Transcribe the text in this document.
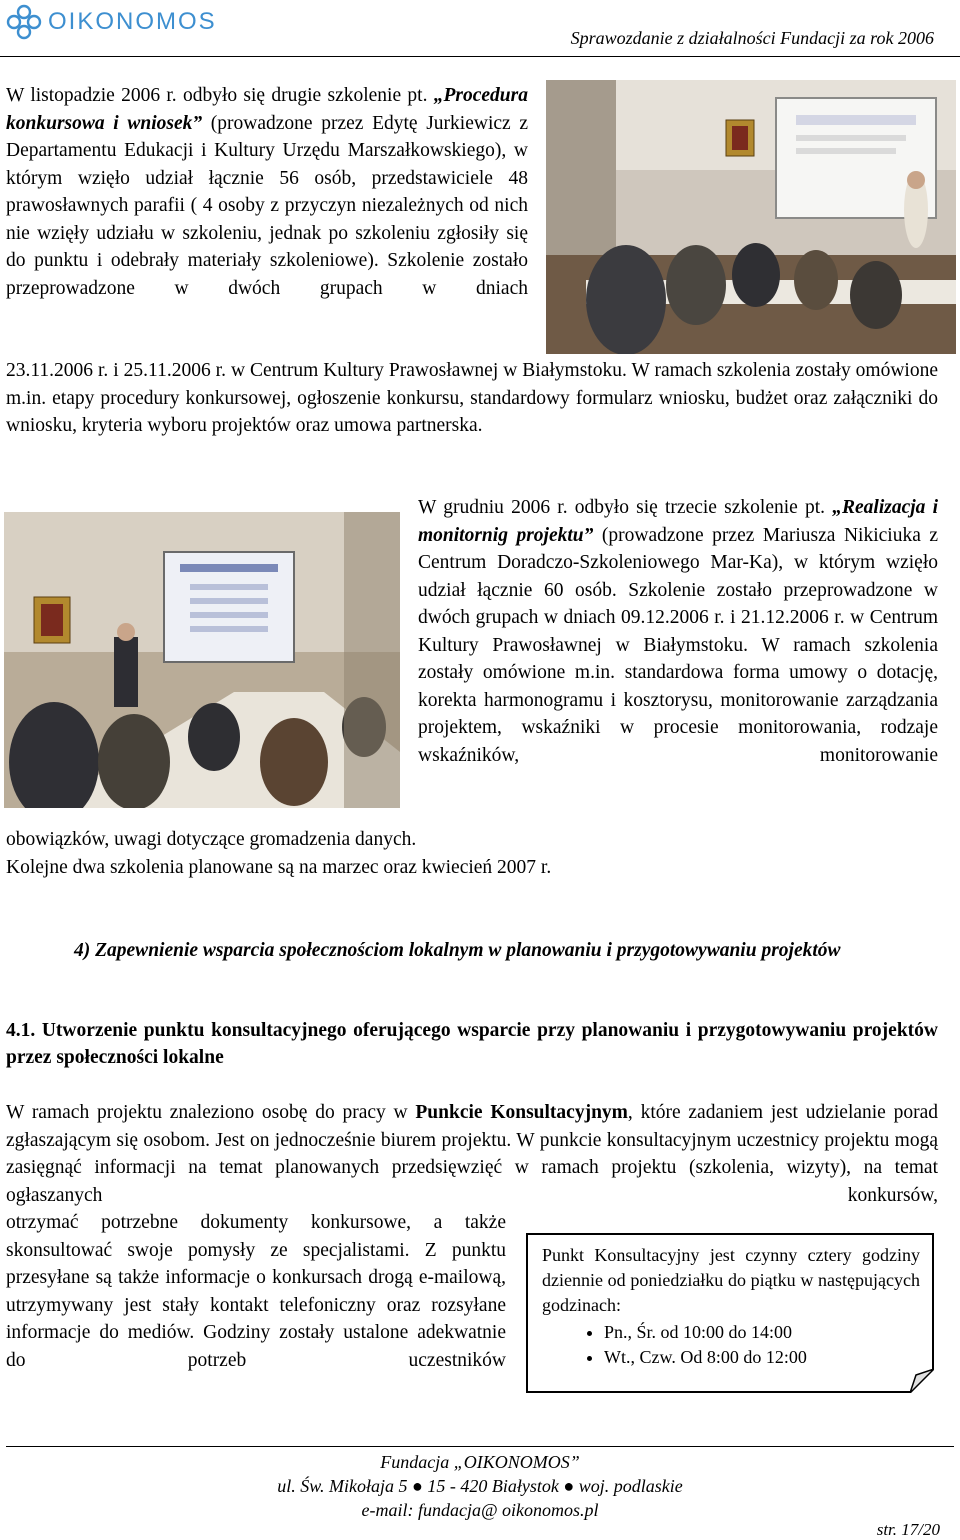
OIKONOMOS
Sprawozdanie z działalności Fundacji za rok 2006

W listopadzie 2006 r. odbyło się drugie szkolenie pt. „Procedura konkursowa i wniosek” (prowadzone przez Edytę Jurkiewicz z Departamentu Edukacji i Kultury Urzędu Marszałkowskiego), w którym wzięło udział łącznie 56 osób, przedstawiciele 48 prawosławnych parafii ( 4 osoby z przyczyn niezależnych od nich nie wzięły udziału w szkoleniu, jednak po szkoleniu zgłosiły się do punktu i odebrały materiały szkoleniowe). Szkolenie zostało przeprowadzone w dwóch grupach w dniach

23.11.2006 r. i 25.11.2006 r. w Centrum Kultury Prawosławnej w Białymstoku. W ramach szkolenia zostały omówione m.in. etapy procedury konkursowej, ogłoszenie konkursu, standardowy formularz wniosku, budżet oraz załączniki do wniosku, kryteria wyboru projektów oraz umowa partnerska.

W grudniu 2006 r. odbyło się trzecie szkolenie pt. „Realizacja i monitornig projektu” (prowadzone przez Mariusza Nikiciuka z Centrum Doradczo-Szkoleniowego Mar-Ka), w którym wzięło udział łącznie 60 osób. Szkolenie zostało przeprowadzone w dwóch grupach w dniach 09.12.2006 r. i 21.12.2006 r. w Centrum Kultury Prawosławnej w Białymstoku. W ramach szkolenia zostały omówione m.in. standardowa forma umowy o dotację, korekta harmonogramu i kosztorysu, monitorowanie zarządzania projektem, wskaźniki w procesie monitorowania, rodzaje wskaźników, monitorowanie

obowiązków, uwagi dotyczące gromadzenia danych.

Kolejne dwa szkolenia planowane są na marzec oraz kwiecień 2007 r.

4) Zapewnienie wsparcia społecznościom lokalnym w planowaniu i przygotowywaniu projektów
4.1. Utworzenie punktu konsultacyjnego oferującego wsparcie przy planowaniu i przygotowywaniu projektów przez społeczności lokalne

W ramach projektu znaleziono osobę do pracy w Punkcie Konsultacyjnym, które zadaniem jest udzielanie porad zgłaszającym się osobom. Jest on jednocześnie biurem projektu. W punkcie konsultacyjnym uczestnicy projektu mogą zasięgnąć informacji na temat planowanych przedsięwzięć w ramach projektu (szkolenia, wizyty), na temat ogłaszanych konkursów,

otrzymać potrzebne dokumenty konkursowe, a także skonsultować swoje pomysły ze specjalistami. Z punktu przesyłane są także informacje o konkursach drogą e-mailową, utrzymywany jest stały kontakt telefoniczny oraz rozsyłane informacje do mediów. Godziny zostały ustalone adekwatnie do potrzeb uczestników

Punkt Konsultacyjny jest czynny cztery godziny dziennie od poniedziałku do piątku w następujących godzinach:
• Pn., Śr. od 10:00 do 14:00
• Wt., Czw. Od 8:00 do 12:00
Fundacja „OIKONOMOS”
ul. Św. Mikołaja 5 ● 15 - 420 Białystok ● woj. podlaskie
e-mail: fundacja@ oikonomos.pl
str. 17/20
